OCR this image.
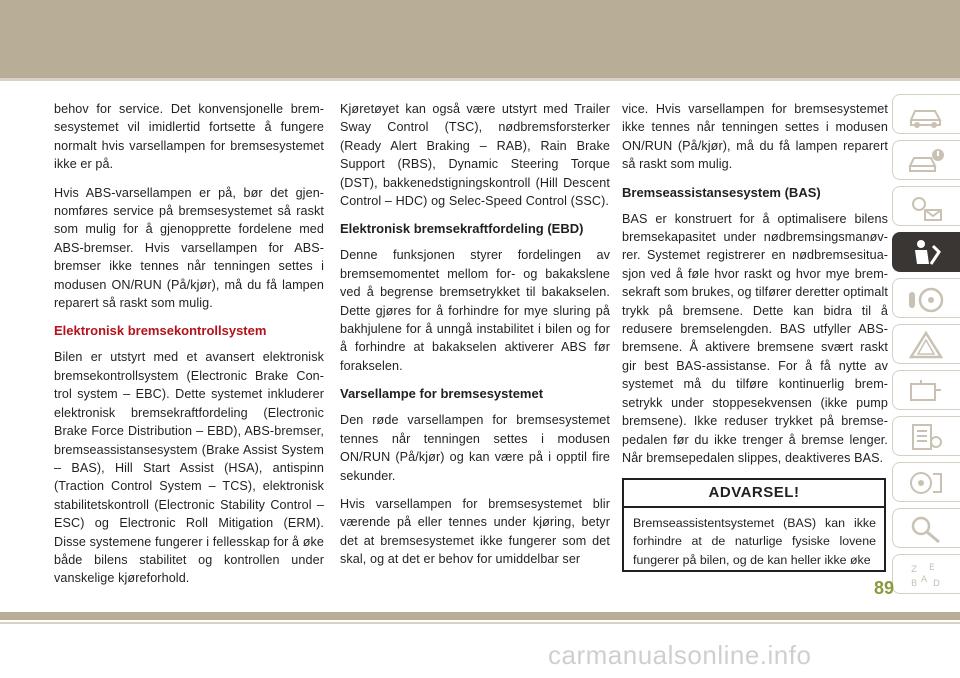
behov for service. Det konvensjonelle bremsesystemet vil imidlertid fortsette å fungere normalt hvis varsellampen for bremsesystemet ikke er på.

Hvis ABS-varsellampen er på, bør det gjennomføres service på bremsesystemet så raskt som mulig for å gjenopprette fordelene med ABS-bremser. Hvis varsellampen for ABS-bremser ikke tennes når tenningen settes i modusen ON/RUN (På/kjør), må du få lampen reparert så raskt som mulig.

Elektronisk bremsekontrollsystem

Bilen er utstyrt med et avansert elektronisk bremsekontrollsystem (Electronic Brake Control system – EBC). Dette systemet inkluderer elektronisk bremsekraftfordeling (Electronic Brake Force Distribution – EBD), ABS-bremser, bremseassistansesystem (Brake Assist System – BAS), Hill Start Assist (HSA), antispinn (Traction Control System – TCS), elektronisk stabilitetskontroll (Electronic Stability Control – ESC) og Electronic Roll Mitigation (ERM). Disse systemene fungerer i fellesskap for å øke både bilens stabilitet og kontrollen under vanskelige kjøreforhold.

Kjøretøyet kan også være utstyrt med Trailer Sway Control (TSC), nødbremsforsterker (Ready Alert Braking – RAB), Rain Brake Support (RBS), Dynamic Steering Torque (DST), bakkenedstigningskontroll (Hill Descent Control – HDC) og Selec-Speed Control (SSC).

Elektronisk bremsekraftfordeling (EBD)

Denne funksjonen styrer fordelingen av bremsemomentet mellom for- og bakakslene ved å begrense bremsetrykket til bakakselen. Dette gjøres for å forhindre for mye sluring på bakhjulene for å unngå instabilitet i bilen og for å forhindre at bakakselen aktiverer ABS før forakselen.

Varsellampe for bremsesystemet

Den røde varsellampen for bremsesystemet tennes når tenningen settes i modusen ON/RUN (På/kjør) og kan være på i opptil fire sekunder.

Hvis varsellampen for bremsesystemet blir værende på eller tennes under kjøring, betyr det at bremsesystemet ikke fungerer som det skal, og at det er behov for umiddelbar ser

vice. Hvis varsellampen for bremsesystemet ikke tennes når tenningen settes i modusen ON/RUN (På/kjør), må du få lampen reparert så raskt som mulig.

Bremseassistansesystem (BAS)

BAS er konstruert for å optimalisere bilens bremsekapasitet under nødbremsingsmanøvrer. Systemet registrerer en nødbremsesituasjon ved å føle hvor raskt og hvor mye bremsekraft som brukes, og tilfører deretter optimalt trykk på bremsene. Dette kan bidra til å redusere bremselengden. BAS utfyller ABS-bremsene. Å aktivere bremsene svært raskt gir best BAS-assistanse. For å få nytte av systemet må du tilføre kontinuerlig bremsetrykk under stoppesekvensen (ikke pump bremsene). Ikke reduser trykket på bremsepedalen før du ikke trenger å bremse lenger. Når bremsepedalen slippes, deaktiveres BAS.

ADVARSEL!
Bremseassistentsystemet (BAS) kan ikke forhindre at de naturlige fysiske lovene fungerer på bilen, og de kan heller ikke øke
Z E
B A D
89
carmanualsonline.info
